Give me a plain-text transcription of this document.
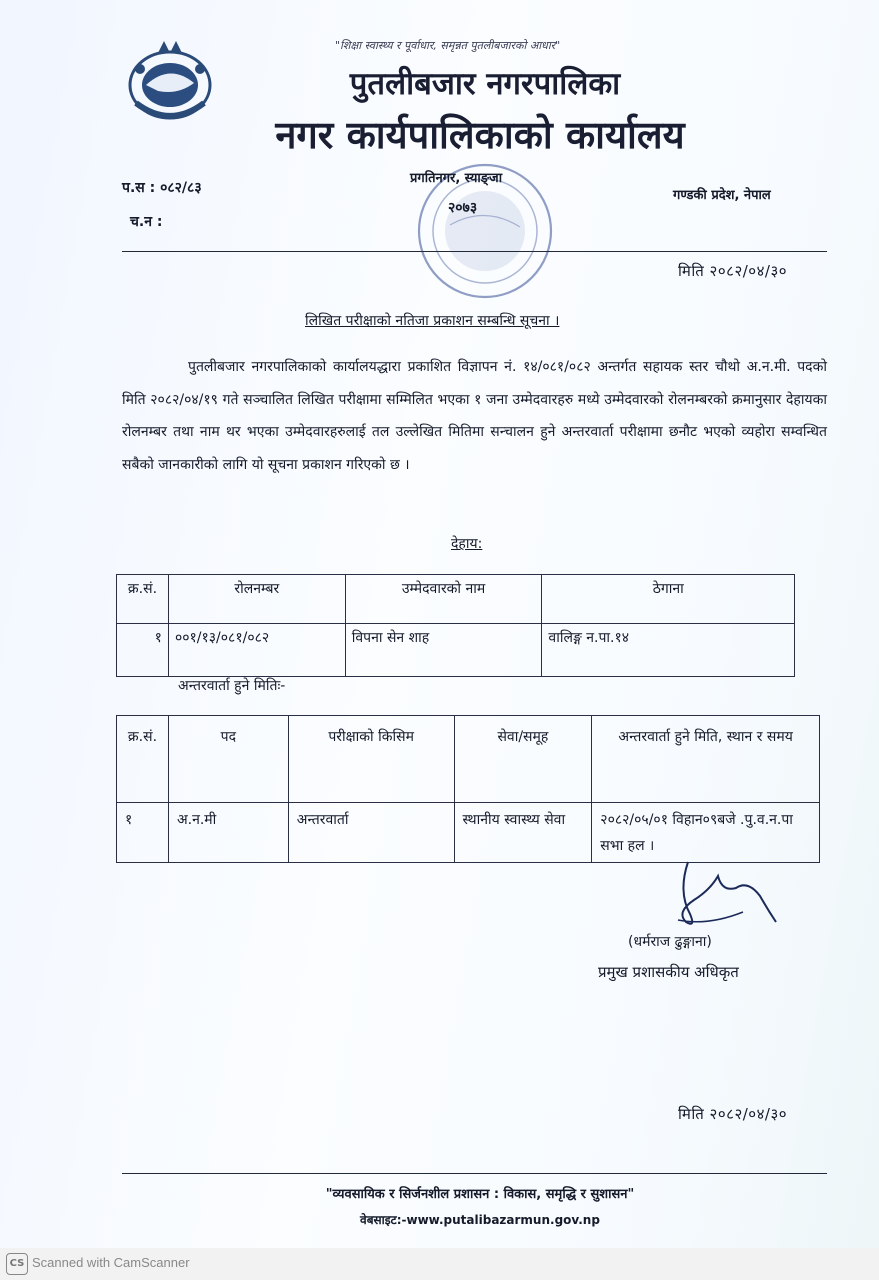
"शिक्षा स्वास्थ्य र पूर्वाधार, समृन्नत पुतलीबजारको आधार"
पुतलीबजार नगरपालिका
नगर कार्यपालिकाको कार्यालय
प.स : ०८२/८३
च.न :
प्रगतिनगर, स्याङ्जा
२०७३
गण्डकी प्रदेश, नेपाल
मिति २०८२/०४/३०
लिखित परीक्षाको नतिजा प्रकाशन सम्बन्धि सूचना ।
पुतलीबजार नगरपालिकाको कार्यालयद्धारा प्रकाशित विज्ञापन नं. १४/०८१/०८२ अन्तर्गत सहायक स्तर चौथो अ.न.मी. पदको मिति २०८२/०४/१९ गते सञ्चालित लिखित परीक्षामा सम्मिलित भएका १ जना उम्मेदवारहरु मध्ये उम्मेदवारको रोलनम्बरको क्रमानुसार देहायका रोलनम्बर तथा नाम थर भएका उम्मेदवारहरुलाई तल उल्लेखित मितिमा सन्चालन हुने अन्तरवार्ता परीक्षामा छनौट भएको व्यहोरा सम्वन्धित सबैको जानकारीको लागि यो सूचना प्रकाशन गरिएको छ ।
देहाय:
क्र.सं.	रोलनम्बर	उम्मेदवारको नाम	ठेगाना
१	००१/१३/०८१/०८२	विपना सेन शाह	वालिङ्ग न.पा.१४
अन्तरवार्ता हुने मितिः-
क्र.सं.	पद	परीक्षाको किसिम	सेवा/समूह	अन्तरवार्ता हुने मिति, स्थान र समय
१	अ.न.मी	अन्तरवार्ता	स्थानीय स्वास्थ्य सेवा	२०८२/०५/०१ विहान०९बजे .पु.व.न.पा सभा हल ।
(धर्मराज ढुङ्गाना)
प्रमुख प्रशासकीय अधिकृत
मिति २०८२/०४/३०
"व्यवसायिक र सिर्जनशील प्रशासन : विकास, समृद्धि र सुशासन"
वेबसाइट:-www.putalibazarmun.gov.np
CS Scanned with CamScanner
